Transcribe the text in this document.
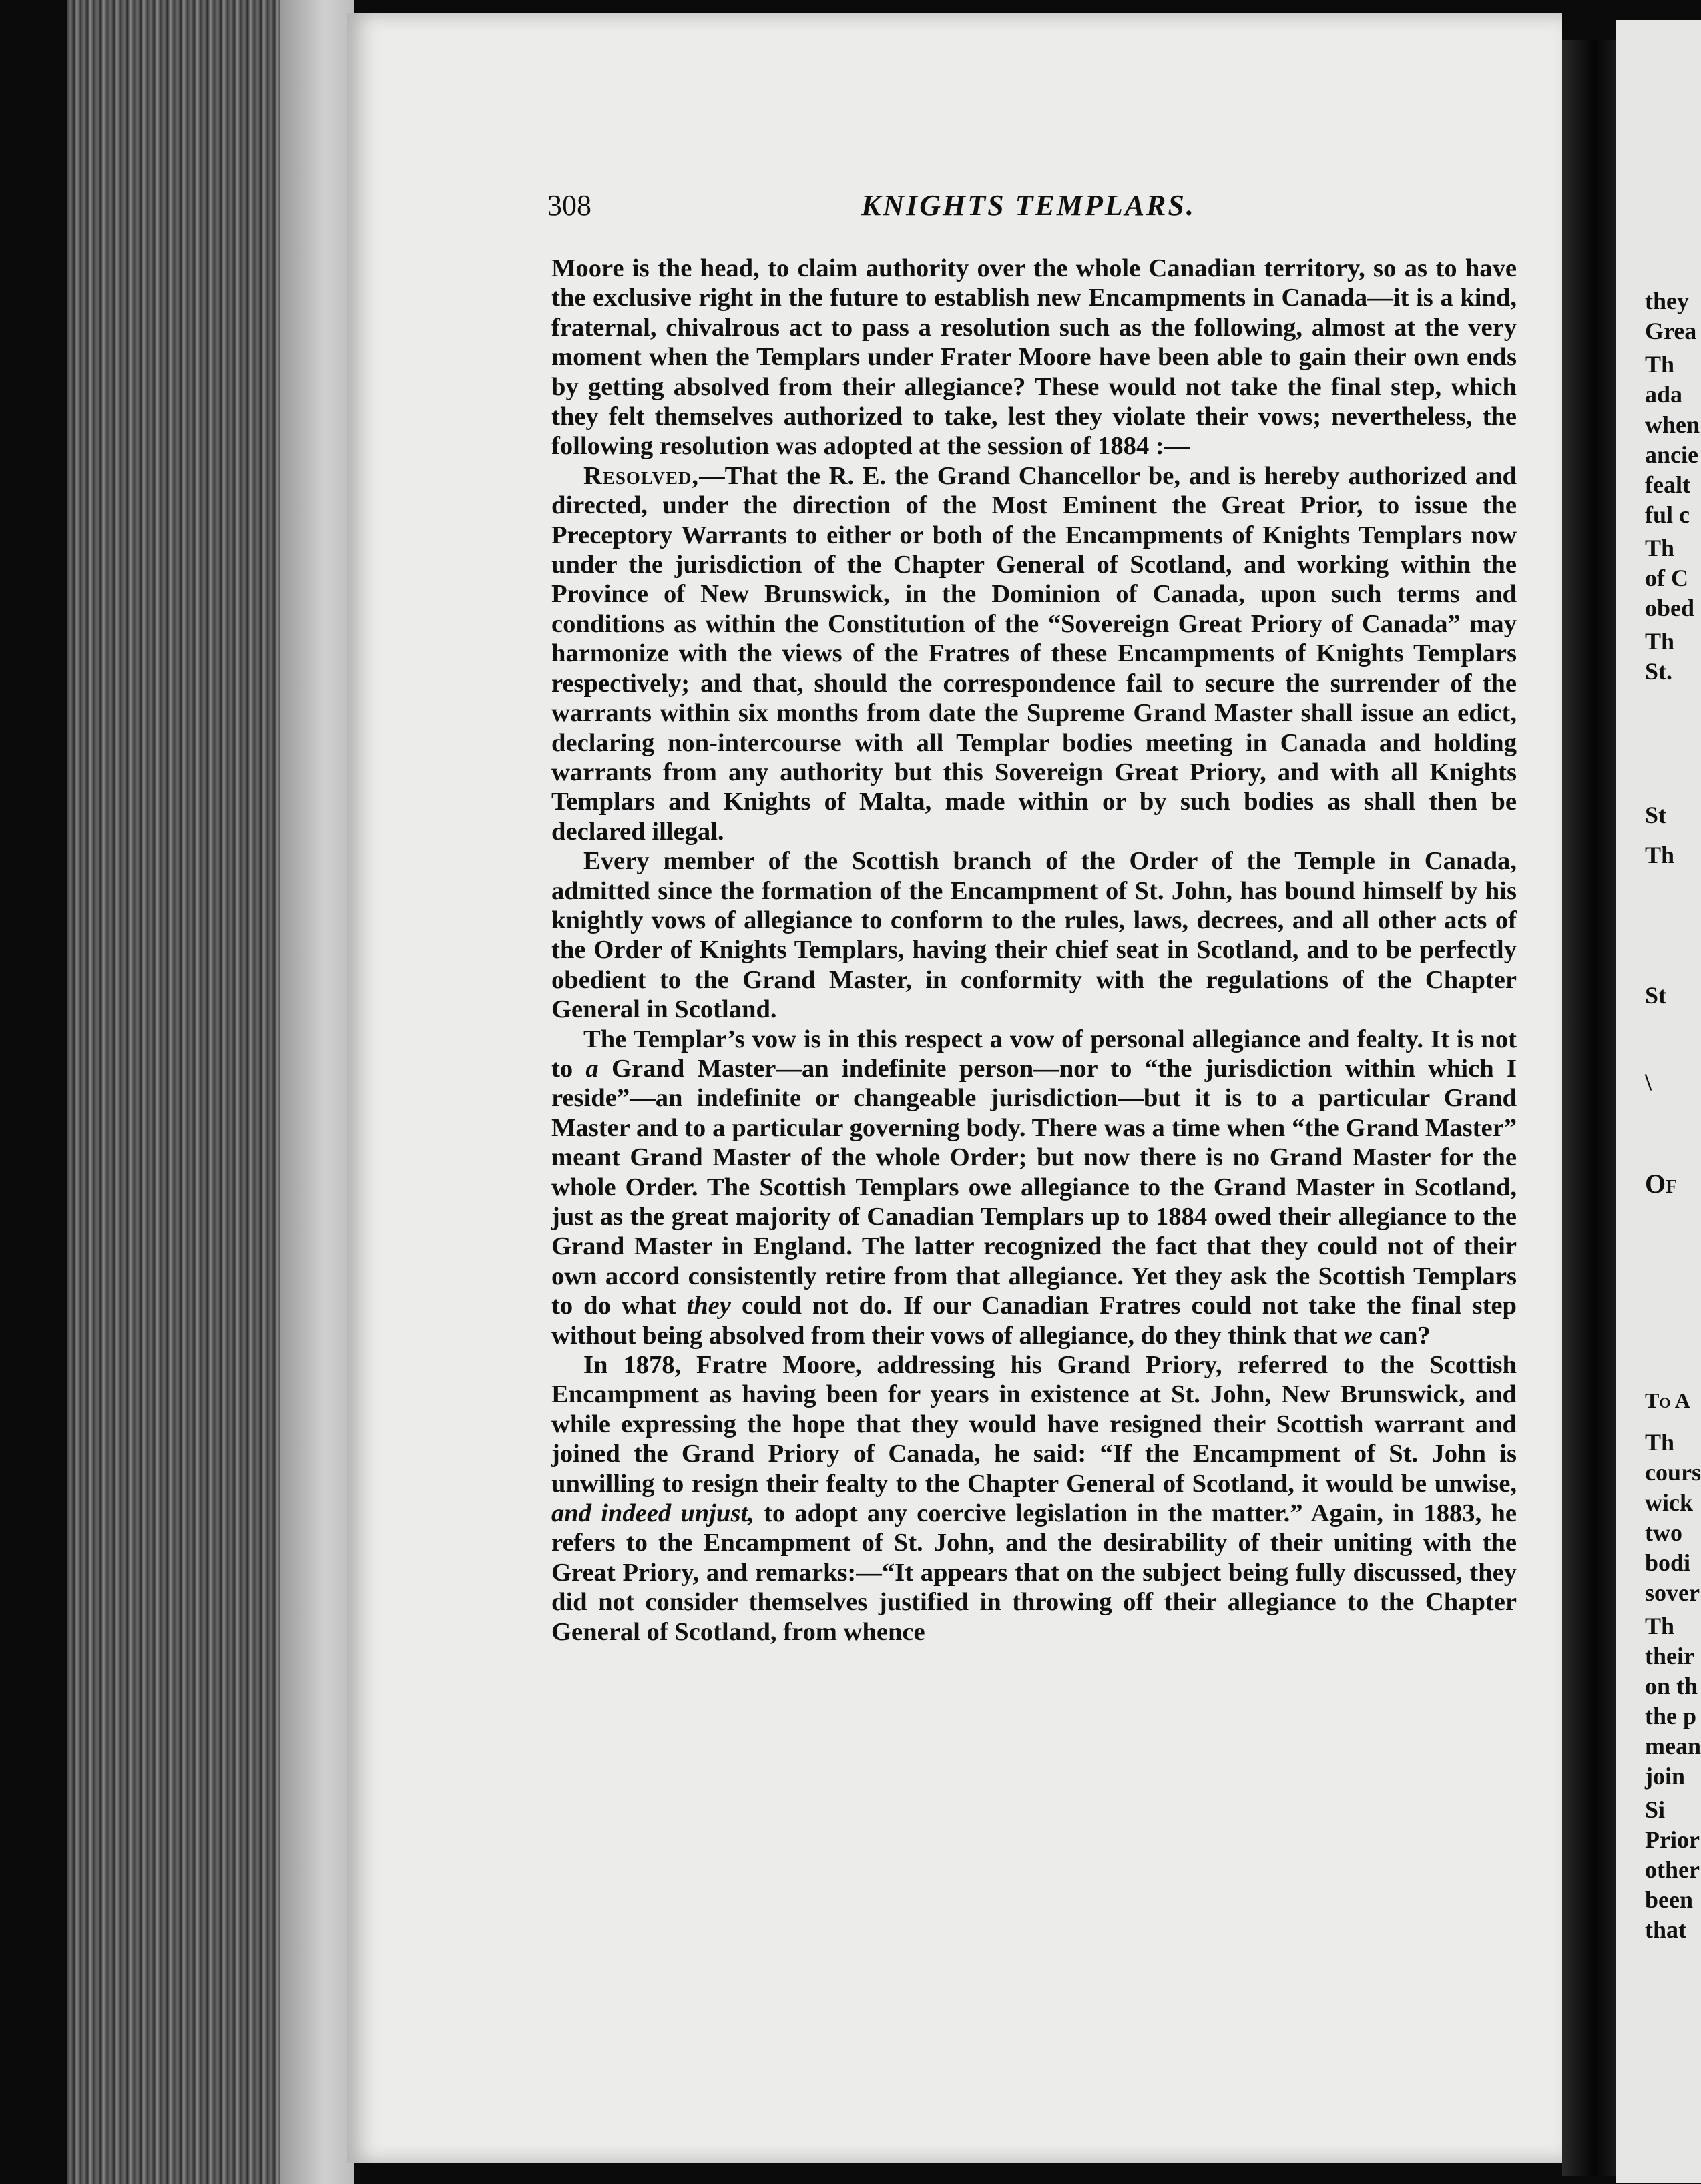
308	KNIGHTS TEMPLARS.

Moore is the head, to claim authority over the whole Canadian territory, so as to have the exclusive right in the future to establish new Encampments in Canada—it is a kind, fraternal, chivalrous act to pass a resolution such as the following, almost at the very moment when the Templars under Frater Moore have been able to gain their own ends by getting absolved from their allegiance? These would not take the final step, which they felt themselves authorized to take, lest they violate their vows; nevertheless, the following resolution was adopted at the session of 1884 :—

Resolved,—That the R. E. the Grand Chancellor be, and is hereby authorized and directed, under the direction of the Most Eminent the Great Prior, to issue the Preceptory Warrants to either or both of the Encampments of Knights Templars now under the jurisdiction of the Chapter General of Scotland, and working within the Province of New Brunswick, in the Dominion of Canada, upon such terms and conditions as within the Constitution of the “Sovereign Great Priory of Canada” may harmonize with the views of the Fratres of these Encampments of Knights Templars respectively; and that, should the correspondence fail to secure the surrender of the warrants within six months from date the Supreme Grand Master shall issue an edict, declaring non-intercourse with all Templar bodies meeting in Canada and holding warrants from any authority but this Sovereign Great Priory, and with all Knights Templars and Knights of Malta, made within or by such bodies as shall then be declared illegal.

Every member of the Scottish branch of the Order of the Temple in Canada, admitted since the formation of the Encampment of St. John, has bound himself by his knightly vows of allegiance to conform to the rules, laws, decrees, and all other acts of the Order of Knights Templars, having their chief seat in Scotland, and to be perfectly obedient to the Grand Master, in conformity with the regulations of the Chapter General in Scotland.

The Templar’s vow is in this respect a vow of personal allegiance and fealty. It is not to a Grand Master—an indefinite person—nor to “the jurisdiction within which I reside”—an indefinite or changeable jurisdiction—but it is to a particular Grand Master and to a particular governing body. There was a time when “the Grand Master” meant Grand Master of the whole Order; but now there is no Grand Master for the whole Order. The Scottish Templars owe allegiance to the Grand Master in Scotland, just as the great majority of Canadian Templars up to 1884 owed their allegiance to the Grand Master in England. The latter recognized the fact that they could not of their own accord consistently retire from that allegiance. Yet they ask the Scottish Templars to do what they could not do. If our Canadian Fratres could not take the final step without being absolved from their vows of allegiance, do they think that we can?

In 1878, Fratre Moore, addressing his Grand Priory, referred to the Scottish Encampment as having been for years in existence at St. John, New Brunswick, and while expressing the hope that they would have resigned their Scottish warrant and joined the Grand Priory of Canada, he said: “If the Encampment of St. John is unwilling to resign their fealty to the Chapter General of Scotland, it would be unwise, and indeed unjust, to adopt any coercive legislation in the matter.” Again, in 1883, he refers to the Encampment of St. John, and the desirability of their uniting with the Great Priory, and remarks:—“It appears that on the subject being fully discussed, they did not consider themselves justified in throwing off their allegiance to the Chapter General of Scotland, from whence

they
Grea
Th
ada
when
ancie
fealt
ful c
Th
of C
obed
Th
St.
St
Th
St
\
Of
To A
Th
cours
wick
two
bodi
sover
Th
their
on th
the p
mean
join
Si
Prior
other
been
that
